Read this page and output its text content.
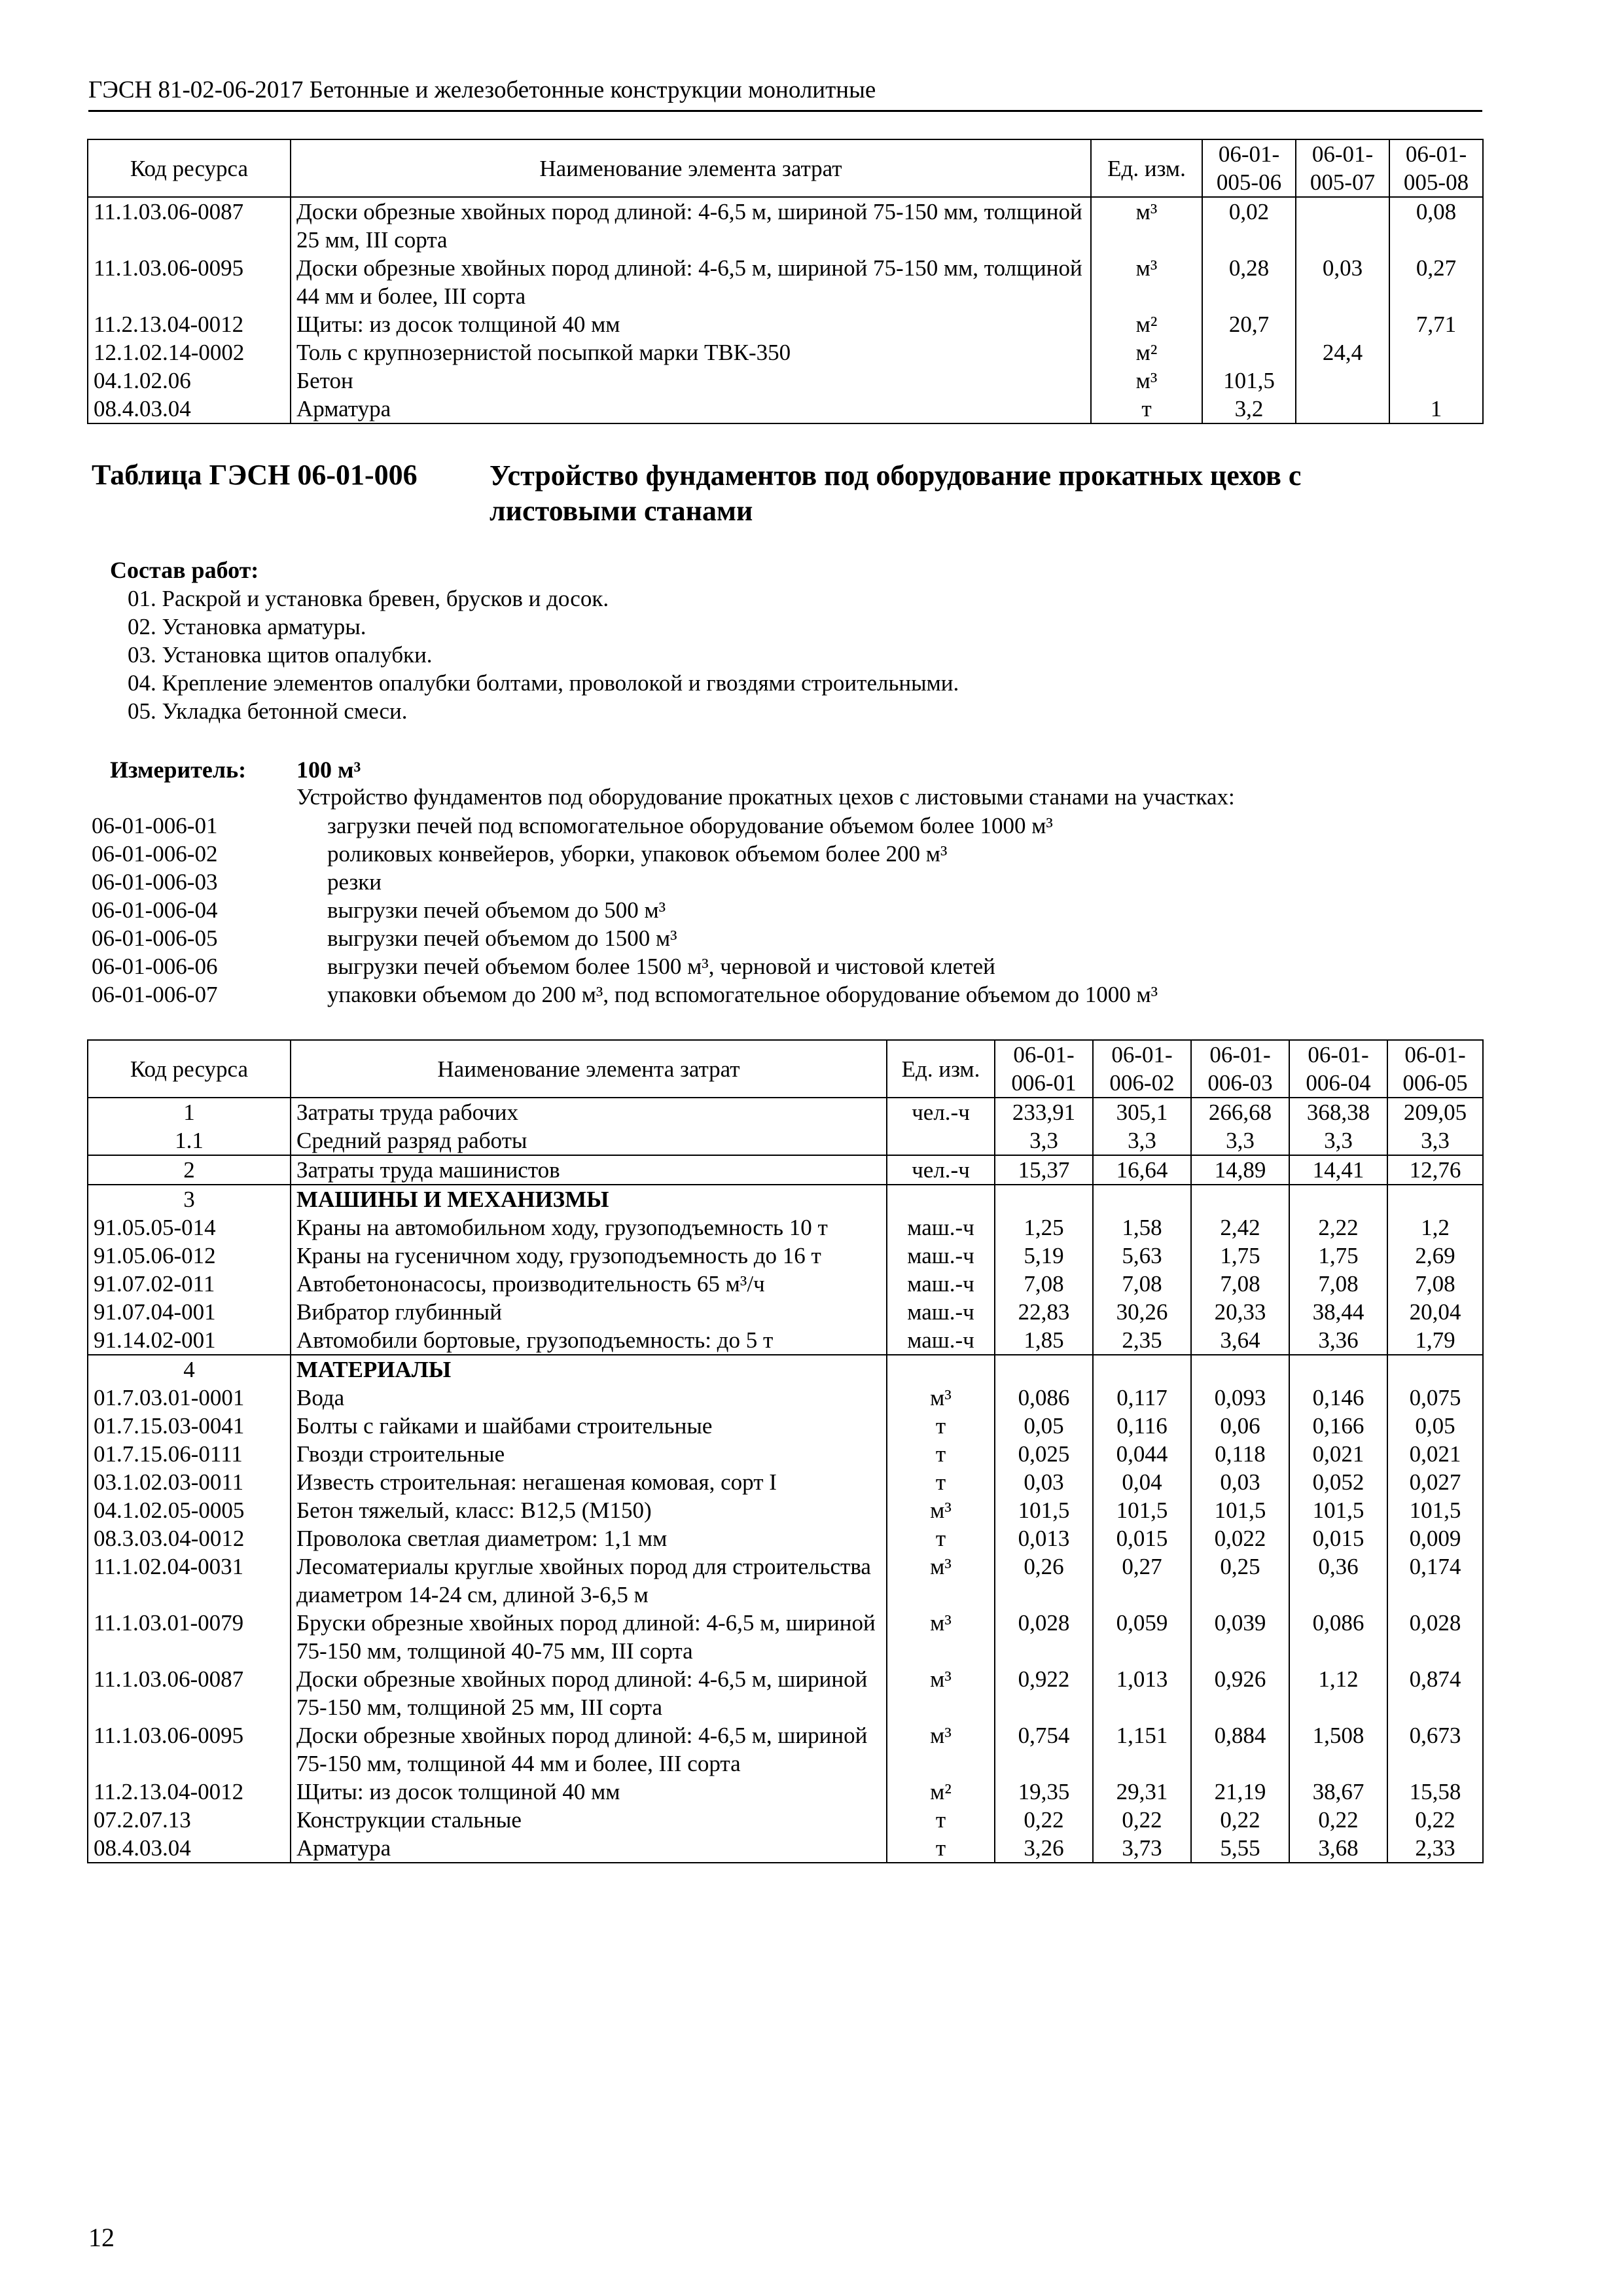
ГЭСН 81-02-06-2017 Бетонные и железобетонные конструкции монолитные
Код ресурса	Наименование элемента затрат	Ед. изм.	06-01-005-06	06-01-005-07	06-01-005-08
11.1.03.06-0087	Доски обрезные хвойных пород длиной: 4-6,5 м, шириной 75-150 мм, толщиной 25 мм, III сорта	м³	0,02		0,08
11.1.03.06-0095	Доски обрезные хвойных пород длиной: 4-6,5 м, шириной 75-150 мм, толщиной 44 мм и более, III сорта	м³	0,28	0,03	0,27
11.2.13.04-0012	Щиты: из досок толщиной 40 мм	м²	20,7		7,71
12.1.02.14-0002	Толь с крупнозернистой посыпкой марки ТВК-350	м²		24,4	
04.1.02.06	Бетон	м³	101,5		
08.4.03.04	Арматура	т	3,2		1
Таблица ГЭСН 06-01-006	Устройство фундаментов под оборудование прокатных цехов с листовыми станами
Состав работ:
01. Раскрой и установка бревен, брусков и досок.
02. Установка арматуры.
03. Установка щитов опалубки.
04. Крепление элементов опалубки болтами, проволокой и гвоздями строительными.
05. Укладка бетонной смеси.
Измеритель: 100 м³
Устройство фундаментов под оборудование прокатных цехов с листовыми станами на участках:
06-01-006-01	загрузки печей под вспомогательное оборудование объемом более 1000 м³
06-01-006-02	роликовых конвейеров, уборки, упаковок объемом более 200 м³
06-01-006-03	резки
06-01-006-04	выгрузки печей объемом до 500 м³
06-01-006-05	выгрузки печей объемом до 1500 м³
06-01-006-06	выгрузки печей объемом более 1500 м³, черновой и чистовой клетей
06-01-006-07	упаковки объемом до 200 м³, под вспомогательное оборудование объемом до 1000 м³
Код ресурса	Наименование элемента затрат	Ед. изм.	06-01-006-01	06-01-006-02	06-01-006-03	06-01-006-04	06-01-006-05
1	Затраты труда рабочих	чел.-ч	233,91	305,1	266,68	368,38	209,05
1.1	Средний разряд работы		3,3	3,3	3,3	3,3	3,3
2	Затраты труда машинистов	чел.-ч	15,37	16,64	14,89	14,41	12,76
3	МАШИНЫ И МЕХАНИЗМЫ						
91.05.05-014	Краны на автомобильном ходу, грузоподъемность 10 т	маш.-ч	1,25	1,58	2,42	2,22	1,2
91.05.06-012	Краны на гусеничном ходу, грузоподъемность до 16 т	маш.-ч	5,19	5,63	1,75	1,75	2,69
91.07.02-011	Автобетононасосы, производительность 65 м³/ч	маш.-ч	7,08	7,08	7,08	7,08	7,08
91.07.04-001	Вибратор глубинный	маш.-ч	22,83	30,26	20,33	38,44	20,04
91.14.02-001	Автомобили бортовые, грузоподъемность: до 5 т	маш.-ч	1,85	2,35	3,64	3,36	1,79
4	МАТЕРИАЛЫ						
01.7.03.01-0001	Вода	м³	0,086	0,117	0,093	0,146	0,075
01.7.15.03-0041	Болты с гайками и шайбами строительные	т	0,05	0,116	0,06	0,166	0,05
01.7.15.06-0111	Гвозди строительные	т	0,025	0,044	0,118	0,021	0,021
03.1.02.03-0011	Известь строительная: негашеная комовая, сорт I	т	0,03	0,04	0,03	0,052	0,027
04.1.02.05-0005	Бетон тяжелый, класс: В12,5 (М150)	м³	101,5	101,5	101,5	101,5	101,5
08.3.03.04-0012	Проволока светлая диаметром: 1,1 мм	т	0,013	0,015	0,022	0,015	0,009
11.1.02.04-0031	Лесоматериалы круглые хвойных пород для строительства диаметром 14-24 см, длиной 3-6,5 м	м³	0,26	0,27	0,25	0,36	0,174
11.1.03.01-0079	Бруски обрезные хвойных пород длиной: 4-6,5 м, шириной 75-150 мм, толщиной 40-75 мм, III сорта	м³	0,028	0,059	0,039	0,086	0,028
11.1.03.06-0087	Доски обрезные хвойных пород длиной: 4-6,5 м, шириной 75-150 мм, толщиной 25 мм, III сорта	м³	0,922	1,013	0,926	1,12	0,874
11.1.03.06-0095	Доски обрезные хвойных пород длиной: 4-6,5 м, шириной 75-150 мм, толщиной 44 мм и более, III сорта	м³	0,754	1,151	0,884	1,508	0,673
11.2.13.04-0012	Щиты: из досок толщиной 40 мм	м²	19,35	29,31	21,19	38,67	15,58
07.2.07.13	Конструкции стальные	т	0,22	0,22	0,22	0,22	0,22
08.4.03.04	Арматура	т	3,26	3,73	5,55	3,68	2,33
12
